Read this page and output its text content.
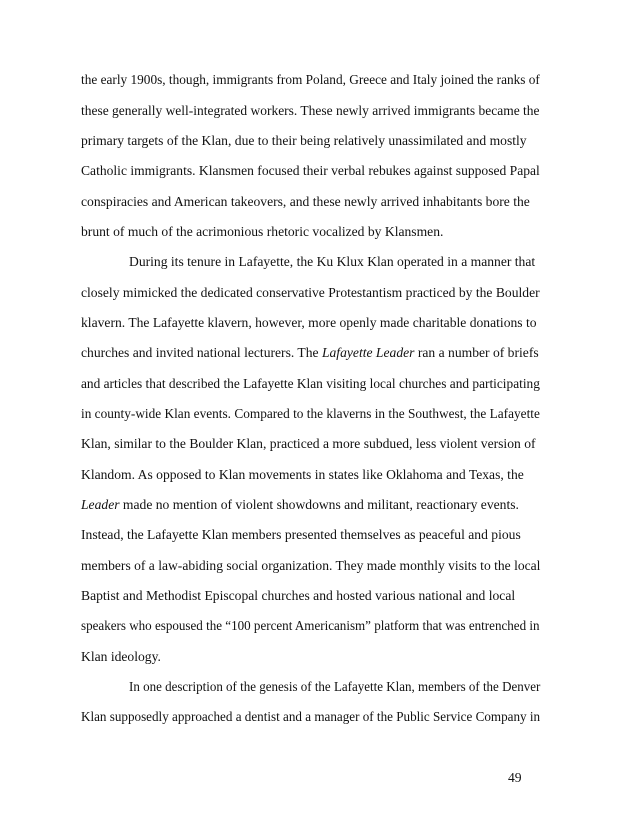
the early 1900s, though, immigrants from Poland, Greece and Italy joined the ranks of
these generally well-integrated workers. These newly arrived immigrants became the
primary targets of the Klan, due to their being relatively unassimilated and mostly
Catholic immigrants. Klansmen focused their verbal rebukes against supposed Papal
conspiracies and American takeovers, and these newly arrived inhabitants bore the
brunt of much of the acrimonious rhetoric vocalized by Klansmen.
During its tenure in Lafayette, the Ku Klux Klan operated in a manner that
closely mimicked the dedicated conservative Protestantism practiced by the Boulder
klavern. The Lafayette klavern, however, more openly made charitable donations to
churches and invited national lecturers. The Lafayette Leader ran a number of briefs
and articles that described the Lafayette Klan visiting local churches and participating
in county-wide Klan events. Compared to the klaverns in the Southwest, the Lafayette
Klan, similar to the Boulder Klan, practiced a more subdued, less violent version of
Klandom. As opposed to Klan movements in states like Oklahoma and Texas, the
Leader made no mention of violent showdowns and militant, reactionary events.
Instead, the Lafayette Klan members presented themselves as peaceful and pious
members of a law-abiding social organization. They made monthly visits to the local
Baptist and Methodist Episcopal churches and hosted various national and local
speakers who espoused the “100 percent Americanism” platform that was entrenched in
Klan ideology.
In one description of the genesis of the Lafayette Klan, members of the Denver
Klan supposedly approached a dentist and a manager of the Public Service Company in
49
